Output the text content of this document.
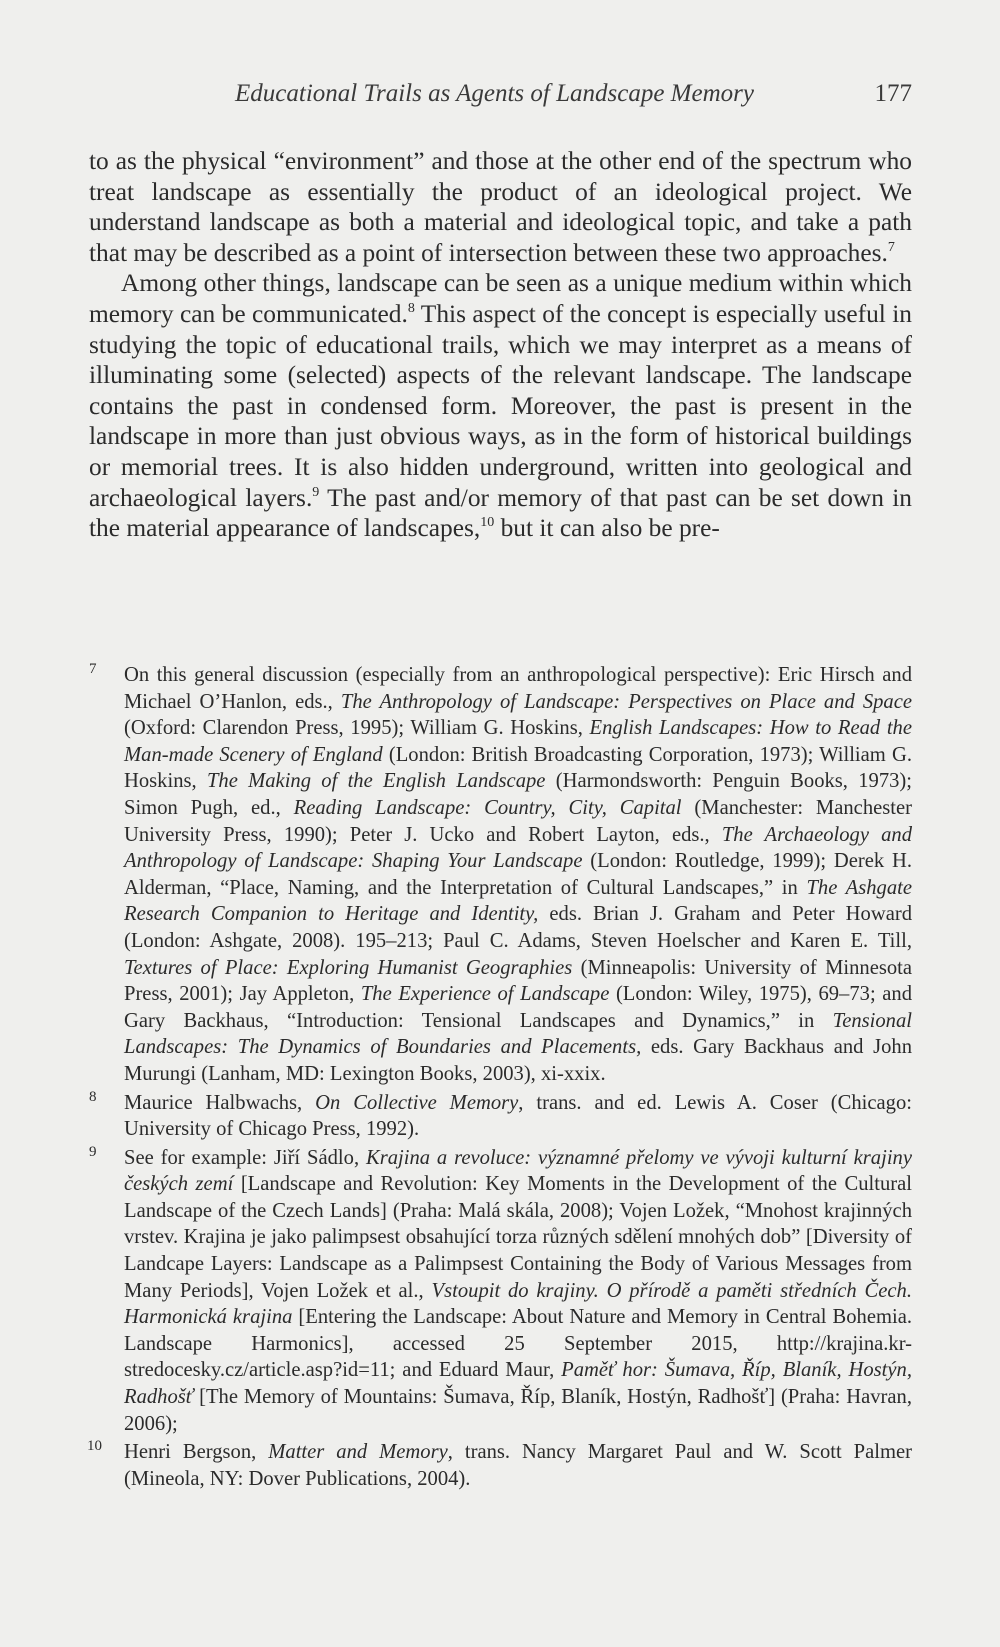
Educational Trails as Agents of Landscape Memory	177

to as the physical “environment” and those at the other end of the spectrum who treat landscape as essentially the product of an ideological project. We understand landscape as both a material and ideological topic, and take a path that may be described as a point of intersection between these two approaches.$^7$

Among other things, landscape can be seen as a unique medium within which memory can be communicated.$^8$ This aspect of the concept is especially useful in studying the topic of educational trails, which we may interpret as a means of illuminating some (selected) aspects of the relevant landscape. The landscape contains the past in condensed form. Moreover, the past is present in the landscape in more than just obvious ways, as in the form of historical buildings or memorial trees. It is also hidden underground, written into geological and archaeological layers.$^9$ The past and/or memory of that past can be set down in the material appearance of landscapes,$^{10}$ but it can also be pre-

7 On this general discussion (especially from an anthropological perspective): Eric Hirsch and Michael O’Hanlon, eds., The Anthropology of Landscape: Perspectives on Place and Space (Oxford: Clarendon Press, 1995); William G. Hoskins, English Landscapes: How to Read the Man-made Scenery of England (London: British Broadcasting Corporation, 1973); William G. Hoskins, The Making of the English Landscape (Harmondsworth: Penguin Books, 1973); Simon Pugh, ed., Reading Landscape: Country, City, Capital (Manchester: Manchester University Press, 1990); Peter J. Ucko and Robert Layton, eds., The Archaeology and Anthropology of Landscape: Shaping Your Landscape (London: Routledge, 1999); Derek H. Alderman, “Place, Naming, and the Interpretation of Cultural Landscapes,” in The Ashgate Research Companion to Heritage and Identity, eds. Brian J. Graham and Peter Howard (London: Ashgate, 2008). 195–213; Paul C. Adams, Steven Hoelscher and Karen E. Till, Textures of Place: Exploring Humanist Geographies (Minneapolis: University of Minnesota Press, 2001); Jay Appleton, The Experience of Landscape (London: Wiley, 1975), 69–73; and Gary Backhaus, “Introduction: Tensional Landscapes and Dynamics,” in Tensional Landscapes: The Dynamics of Boundaries and Placements, eds. Gary Backhaus and John Murungi (Lanham, MD: Lexington Books, 2003), xi-xxix.
8 Maurice Halbwachs, On Collective Memory, trans. and ed. Lewis A. Coser (Chicago: University of Chicago Press, 1992).
9 See for example: Jiří Sádlo, Krajina a revoluce: významné přelomy ve vývoji kulturní krajiny českých zemí [Landscape and Revolution: Key Moments in the Development of the Cultural Landscape of the Czech Lands] (Praha: Malá skála, 2008); Vojen Ložek, “Mnohost krajinných vrstev. Krajina je jako palimpsest obsahující torza různých sdělení mnohých dob” [Diversity of Landcape Layers: Landscape as a Palimpsest Containing the Body of Various Messages from Many Periods], Vojen Ložek et al., Vstoupit do krajiny. O přírodě a paměti středních Čech. Harmonická krajina [Entering the Landscape: About Nature and Memory in Central Bohemia. Landscape Harmonics], accessed 25 September 2015, http://krajina.kr-stredocesky.cz/article.asp?id=11; and Eduard Maur, Paměť hor: Šumava, Říp, Blaník, Hostýn, Radhošť [The Memory of Mountains: Šumava, Říp, Blaník, Hostýn, Radhošť] (Praha: Havran, 2006);
10 Henri Bergson, Matter and Memory, trans. Nancy Margaret Paul and W. Scott Palmer (Mineola, NY: Dover Publications, 2004).
